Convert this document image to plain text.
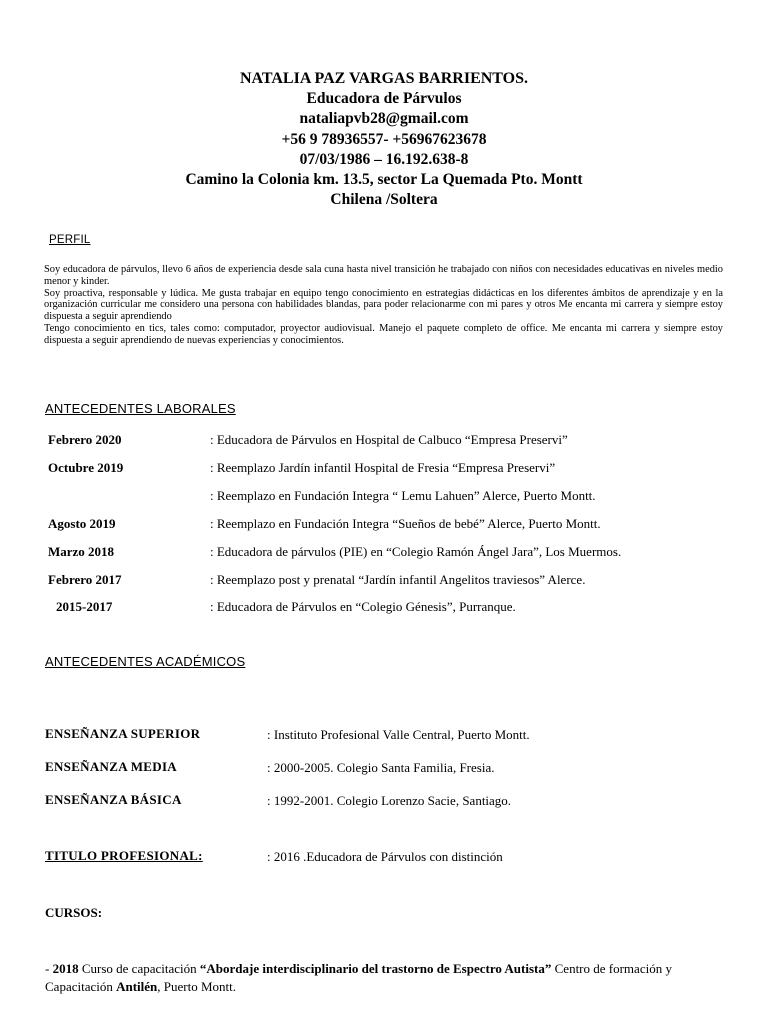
NATALIA PAZ VARGAS BARRIENTOS.
Educadora de Párvulos
nataliapvb28@gmail.com
+56 9 78936557- +56967623678
07/03/1986 – 16.192.638-8
Camino la Colonia km. 13.5, sector La Quemada Pto. Montt
Chilena /Soltera
PERFIL

Soy educadora de párvulos, llevo 6 años de experiencia desde sala cuna hasta nivel transición he trabajado con niños con necesidades educativas en niveles medio menor y kinder.

Soy proactiva, responsable y lúdica. Me gusta trabajar en equipo tengo conocimiento en estrategias didácticas en los diferentes ámbitos de aprendizaje y en la organización curricular me considero una persona con habilidades blandas, para poder relacionarme con mi pares y otros Me encanta mi carrera y siempre estoy dispuesta a seguir aprendiendo

Tengo conocimiento en tics, tales como: computador, proyector audiovisual. Manejo el paquete completo de office. Me encanta mi carrera y siempre estoy dispuesta a seguir aprendiendo de nuevas experiencias y conocimientos.

ANTECEDENTES LABORALES
Febrero 2020	: Educadora de Párvulos en Hospital de Calbuco “Empresa Preservi”
Octubre 2019	: Reemplazo Jardín infantil Hospital de Fresia “Empresa Preservi”
: Reemplazo en Fundación Integra “ Lemu Lahuen” Alerce, Puerto Montt.
Agosto 2019	: Reemplazo en Fundación Integra “Sueños de bebé” Alerce, Puerto Montt.
Marzo 2018	: Educadora de párvulos (PIE) en “Colegio Ramón Ángel Jara”, Los Muermos.
Febrero 2017	: Reemplazo post y prenatal “Jardín infantil Angelitos traviesos” Alerce.
2015-2017	: Educadora de Párvulos en “Colegio Génesis”, Purranque.
ANTECEDENTES ACADÉMICOS
ENSEÑANZA SUPERIOR	: Instituto Profesional Valle Central, Puerto Montt.
ENSEÑANZA MEDIA	: 2000-2005. Colegio Santa Familia, Fresia.
ENSEÑANZA BÁSICA	: 1992-2001. Colegio Lorenzo Sacie, Santiago.
TITULO PROFESIONAL:	: 2016 .Educadora de Párvulos con distinción
CURSOS:
- 2018 Curso de capacitación “Abordaje interdisciplinario del trastorno de Espectro Autista” Centro de formación y Capacitación Antilén, Puerto Montt.
